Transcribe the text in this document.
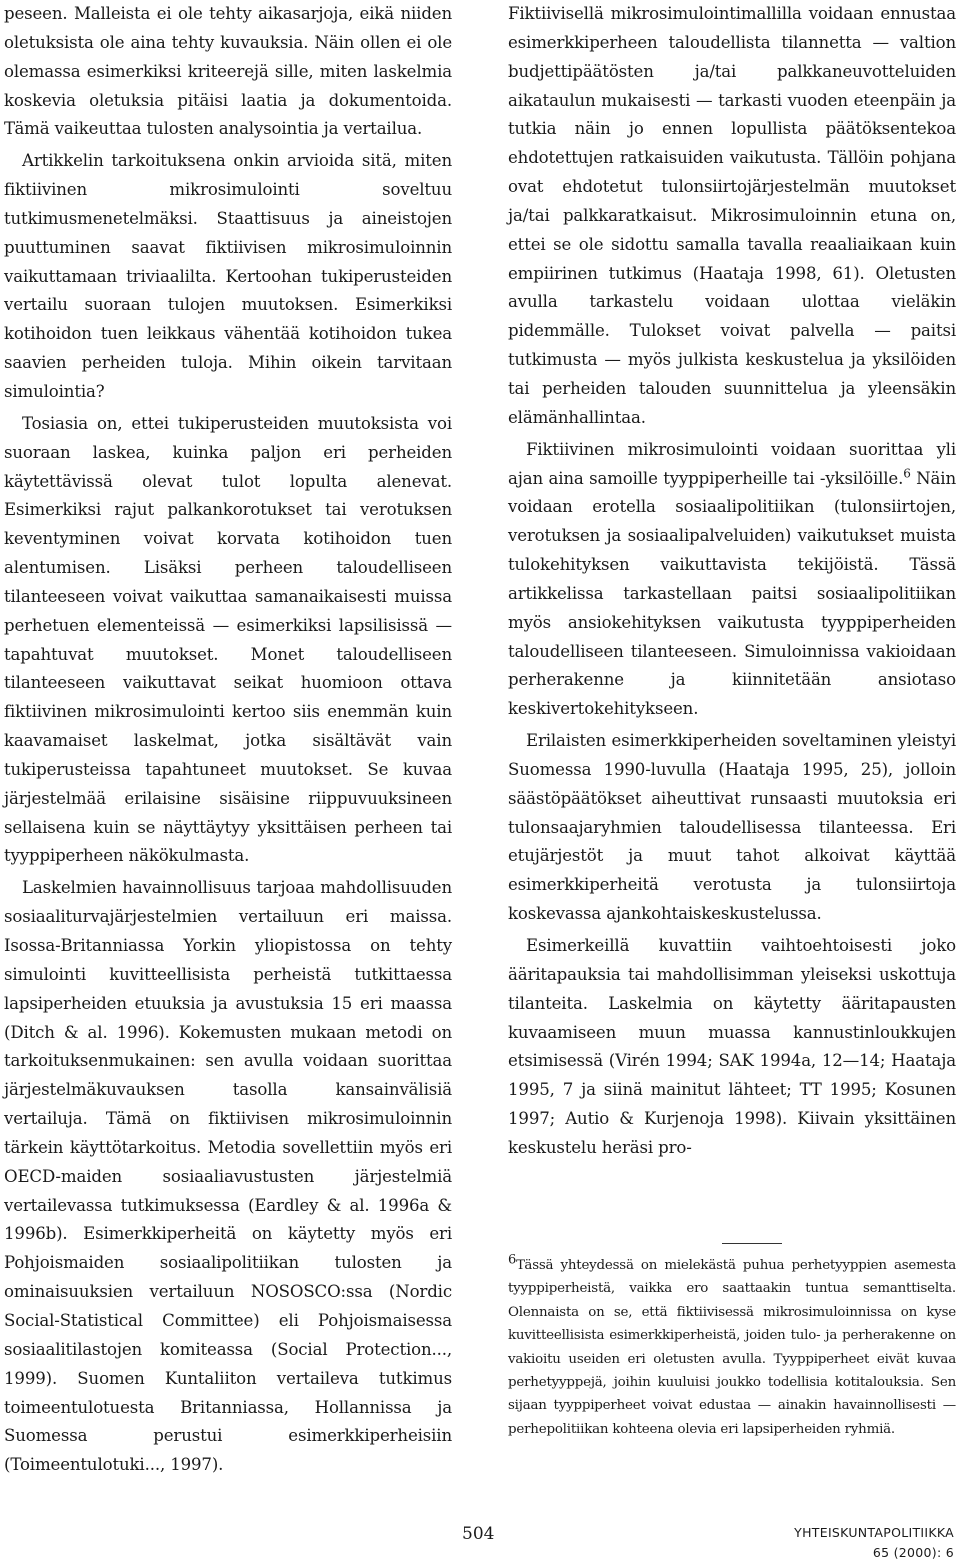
peseen. Malleista ei ole tehty aikasarjoja, eikä niiden oletuksista ole aina tehty kuvauksia. Näin ollen ei ole olemassa esimerkiksi kriteerejä sille, miten laskelmia koskevia oletuksia pitäisi laatia ja dokumentoida. Tämä vaikeuttaa tulosten analysointia ja vertailua.

Artikkelin tarkoituksena onkin arvioida sitä, miten fiktiivinen mikrosimulointi soveltuu tutkimusmenetelmäksi. Staattisuus ja aineistojen puuttuminen saavat fiktiivisen mikrosimuloinnin vaikuttamaan triviaalilta. Kertoohan tukiperusteiden vertailu suoraan tulojen muutoksen. Esimerkiksi kotihoidon tuen leikkaus vähentää kotihoidon tukea saavien perheiden tuloja. Mihin oikein tarvitaan simulointia?

Tosiasia on, ettei tukiperusteiden muutoksista voi suoraan laskea, kuinka paljon eri perheiden käytettävissä olevat tulot lopulta alenevat. Esimerkiksi rajut palkankorotukset tai verotuksen keventyminen voivat korvata kotihoidon tuen alentumisen. Lisäksi perheen taloudelliseen tilanteeseen voivat vaikuttaa samanaikaisesti muissa perhetuen elementeissä — esimerkiksi lapsilisissä — tapahtuvat muutokset. Monet taloudelliseen tilanteeseen vaikuttavat seikat huomioon ottava fiktiivinen mikrosimulointi kertoo siis enemmän kuin kaavamaiset laskelmat, jotka sisältävät vain tukiperusteissa tapahtuneet muutokset. Se kuvaa järjestelmää erilaisine sisäisine riippuvuuksineen sellaisena kuin se näyttäytyy yksittäisen perheen tai tyyppiperheen näkökulmasta.

Laskelmien havainnollisuus tarjoaa mahdollisuuden sosiaaliturvajärjestelmien vertailuun eri maissa. Isossa-Britanniassa Yorkin yliopistossa on tehty simulointi kuvitteellisista perheistä tutkittaessa lapsiperheiden etuuksia ja avustuksia 15 eri maassa (Ditch & al. 1996). Kokemusten mukaan metodi on tarkoituksenmukainen: sen avulla voidaan suorittaa järjestelmäkuvauksen tasolla kansainvälisiä vertailuja. Tämä on fiktiivisen mikrosimuloinnin tärkein käyttötarkoitus. Metodia sovellettiin myös eri OECD-maiden sosiaaliavustusten järjestelmiä vertailevassa tutkimuksessa (Eardley & al. 1996a & 1996b). Esimerkkiperheitä on käytetty myös eri Pohjoismaiden sosiaalipolitiikan tulosten ja ominaisuuksien vertailuun NOSOSCO:ssa (Nordic Social-Statistical Committee) eli Pohjoismaisessa sosiaalitilastojen komiteassa (Social Protection..., 1999). Suomen Kuntaliiton vertaileva tutkimus toimeentulotuesta Britanniassa, Hollannissa ja Suomessa perustui esimerkkiperheisiin (Toimeentulotuki..., 1997).

Fiktiivisellä mikrosimulointimallilla voidaan ennustaa esimerkkiperheen taloudellista tilannetta — valtion budjettipäätösten ja/tai palkkaneuvotteluiden aikataulun mukaisesti — tarkasti vuoden eteenpäin ja tutkia näin jo ennen lopullista päätöksentekoa ehdotettujen ratkaisuiden vaikutusta. Tällöin pohjana ovat ehdotetut tulonsiirtojärjestelmän muutokset ja/tai palkkaratkaisut. Mikrosimuloinnin etuna on, ettei se ole sidottu samalla tavalla reaaliaikaan kuin empiirinen tutkimus (Haataja 1998, 61). Oletusten avulla tarkastelu voidaan ulottaa vieläkin pidemmälle. Tulokset voivat palvella — paitsi tutkimusta — myös julkista keskustelua ja yksilöiden tai perheiden talouden suunnittelua ja yleensäkin elämänhallintaa.

Fiktiivinen mikrosimulointi voidaan suorittaa yli ajan aina samoille tyyppiperheille tai -yksilöille.$^6$ Näin voidaan erotella sosiaalipolitiikan (tulonsiirtojen, verotuksen ja sosiaalipalveluiden) vaikutukset muista tulokehityksen vaikuttavista tekijöistä. Tässä artikkelissa tarkastellaan paitsi sosiaalipolitiikan myös ansiokehityksen vaikutusta tyyppiperheiden taloudelliseen tilanteeseen. Simuloinnissa vakioidaan perherakenne ja kiinnitetään ansiotaso keskivertokehitykseen.

Erilaisten esimerkkiperheiden soveltaminen yleistyi Suomessa 1990-luvulla (Haataja 1995, 25), jolloin säästöpäätökset aiheuttivat runsaasti muutoksia eri tulonsaajaryhmien taloudellisessa tilanteessa. Eri etujärjestöt ja muut tahot alkoivat käyttää esimerkkiperheitä verotusta ja tulonsiirtoja koskevassa ajankohtaiskeskustelussa.

Esimerkeillä kuvattiin vaihtoehtoisesti joko ääritapauksia tai mahdollisimman yleiseksi uskottuja tilanteita. Laskelmia on käytetty ääritapausten kuvaamiseen muun muassa kannustinloukkujen etsimisessä (Virén 1994; SAK 1994a, 12—14; Haataja 1995, 7 ja siinä mainitut lähteet; TT 1995; Kosunen 1997; Autio & Kurjenoja 1998). Kiivain yksittäinen keskustelu heräsi pro-

6Tässä yhteydessä on mielekästä puhua perhetyyppien asemesta tyyppiperheistä, vaikka ero saattaakin tuntua semanttiselta. Olennaista on se, että fiktiivisessä mikrosimuloinnissa on kyse kuvitteellisista esimerkkiperheistä, joiden tulo- ja perherakenne on vakioitu useiden eri oletusten avulla. Tyyppiperheet eivät kuvaa perhetyyppejä, joihin kuuluisi joukko todellisia kotitalouksia. Sen sijaan tyyppiperheet voivat edustaa — ainakin havainnollisesti — perhepolitiikan kohteena olevia eri lapsiperheiden ryhmiä.

504	YHTEISKUNTAPOLITIIKKA
65 (2000): 6
